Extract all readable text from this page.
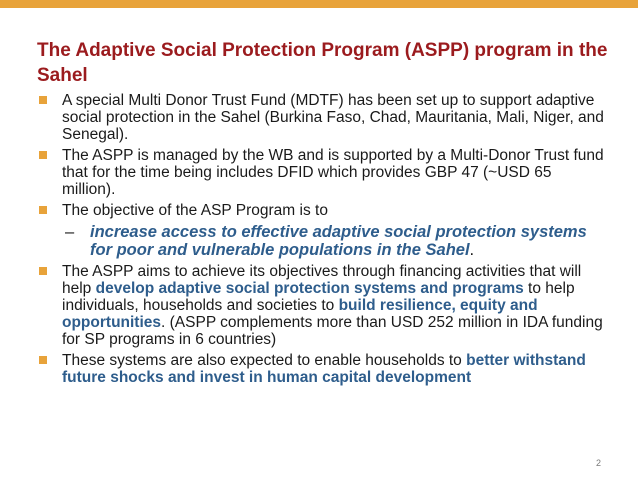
The Adaptive Social Protection Program (ASPP) program in the Sahel
A special Multi Donor Trust Fund (MDTF) has been set up to support adaptive social protection in the Sahel (Burkina Faso, Chad, Mauritania, Mali, Niger, and Senegal).
The ASPP is managed by the WB and is supported by a Multi-Donor Trust fund that for the time being includes DFID which provides GBP 47 (~USD 65 million).
The objective of the ASP Program is to
– increase access to effective adaptive social protection systems for poor and vulnerable populations in the Sahel.
The ASPP aims to achieve its objectives through financing activities that will help develop adaptive social protection systems and programs to help individuals, households and societies to build resilience, equity and opportunities. (ASPP complements more than USD 252 million in IDA funding for SP programs in 6 countries)
These systems are also expected to enable households to better withstand future shocks and invest in human capital development
2
